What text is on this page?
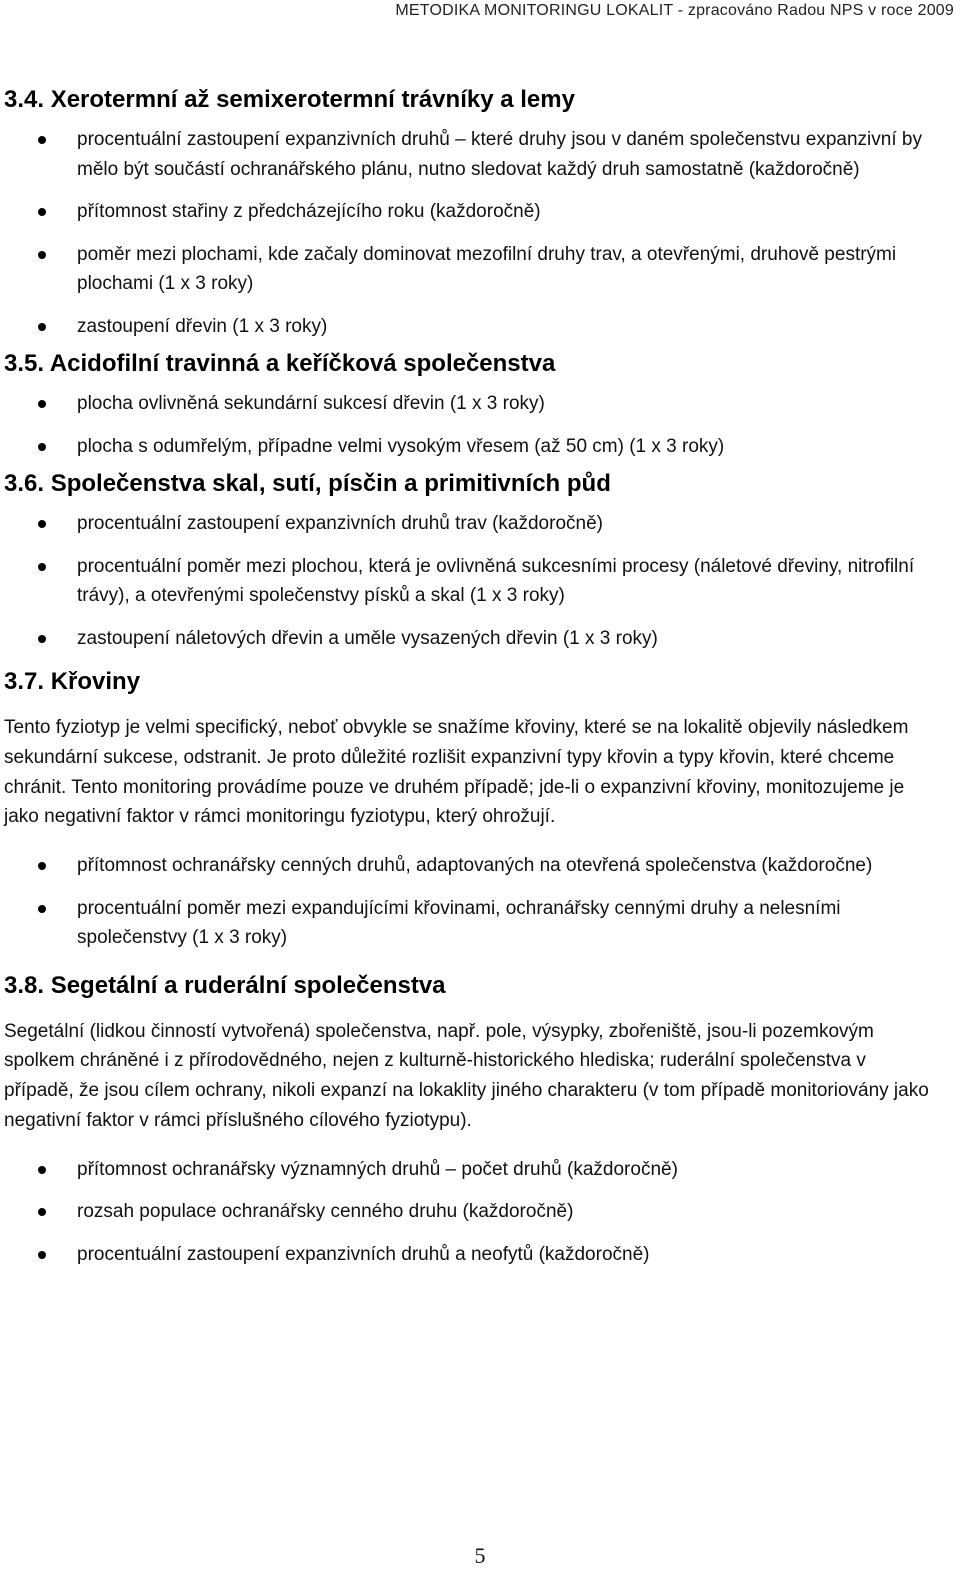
METODIKA MONITORINGU LOKALIT - zpracováno Radou NPS v roce 2009
3.4. Xerotermní až semixerotermní trávníky a lemy
procentuální zastoupení expanzivních druhů – které druhy jsou v daném společenstvu expanzivní by mělo být součástí ochranářského plánu, nutno sledovat každý druh samostatně (každoročně)
přítomnost stařiny z předcházejícího roku (každoročně)
poměr mezi plochami, kde začaly dominovat mezofilní druhy trav, a otevřenými, druhově pestrými plochami (1 x 3 roky)
zastoupení dřevin (1 x 3 roky)
3.5. Acidofilní travinná a keříčková společenstva
plocha ovlivněná sekundární sukcesí dřevin (1 x 3 roky)
plocha s odumřelým, případne velmi vysokým vřesem (až 50 cm) (1 x 3 roky)
3.6. Společenstva skal, sutí, písčin a primitivních půd
procentuální zastoupení expanzivních druhů trav (každoročně)
procentuální poměr mezi plochou, která je ovlivněná sukcesními procesy (náletové dřeviny, nitrofilní trávy), a otevřenými společenstvy písků a skal (1 x 3 roky)
zastoupení náletových dřevin a uměle vysazených dřevin (1 x 3 roky)
3.7. Křoviny

Tento fyziotyp je velmi specifický, neboť obvykle se snažíme křoviny, které se na lokalitě objevily následkem sekundární sukcese, odstranit. Je proto důležité rozlišit expanzivní typy křovin a typy křovin, které chceme chránit. Tento monitoring provádíme pouze ve druhém případě; jde-li o expanzivní křoviny, monitozujeme je jako negativní faktor v rámci monitoringu fyziotypu, který ohrožují.

přítomnost ochranářsky cenných druhů, adaptovaných na otevřená společenstva (každoročne)
procentuální poměr mezi expandujícími křovinami, ochranářsky cennými druhy a nelesními společenstvy (1 x 3 roky)
3.8. Segetální a ruderální společenstva

Segetální (lidkou činností vytvořená) společenstva, např. pole, výsypky, zbořeniště, jsou-li pozemkovým spolkem chráněné i z přírodovědného, nejen z kulturně-historického hlediska; ruderální společenstva v případě, že jsou cílem ochrany, nikoli expanzí na lokaklity jiného charakteru (v tom případě monitoriovány jako negativní faktor v rámci příslušného cílového fyziotypu).

přítomnost ochranářsky významných druhů – počet druhů (každoročně)
rozsah populace ochranářsky cenného druhu (každoročně)
procentuální zastoupení expanzivních druhů a neofytů (každoročně)
5
